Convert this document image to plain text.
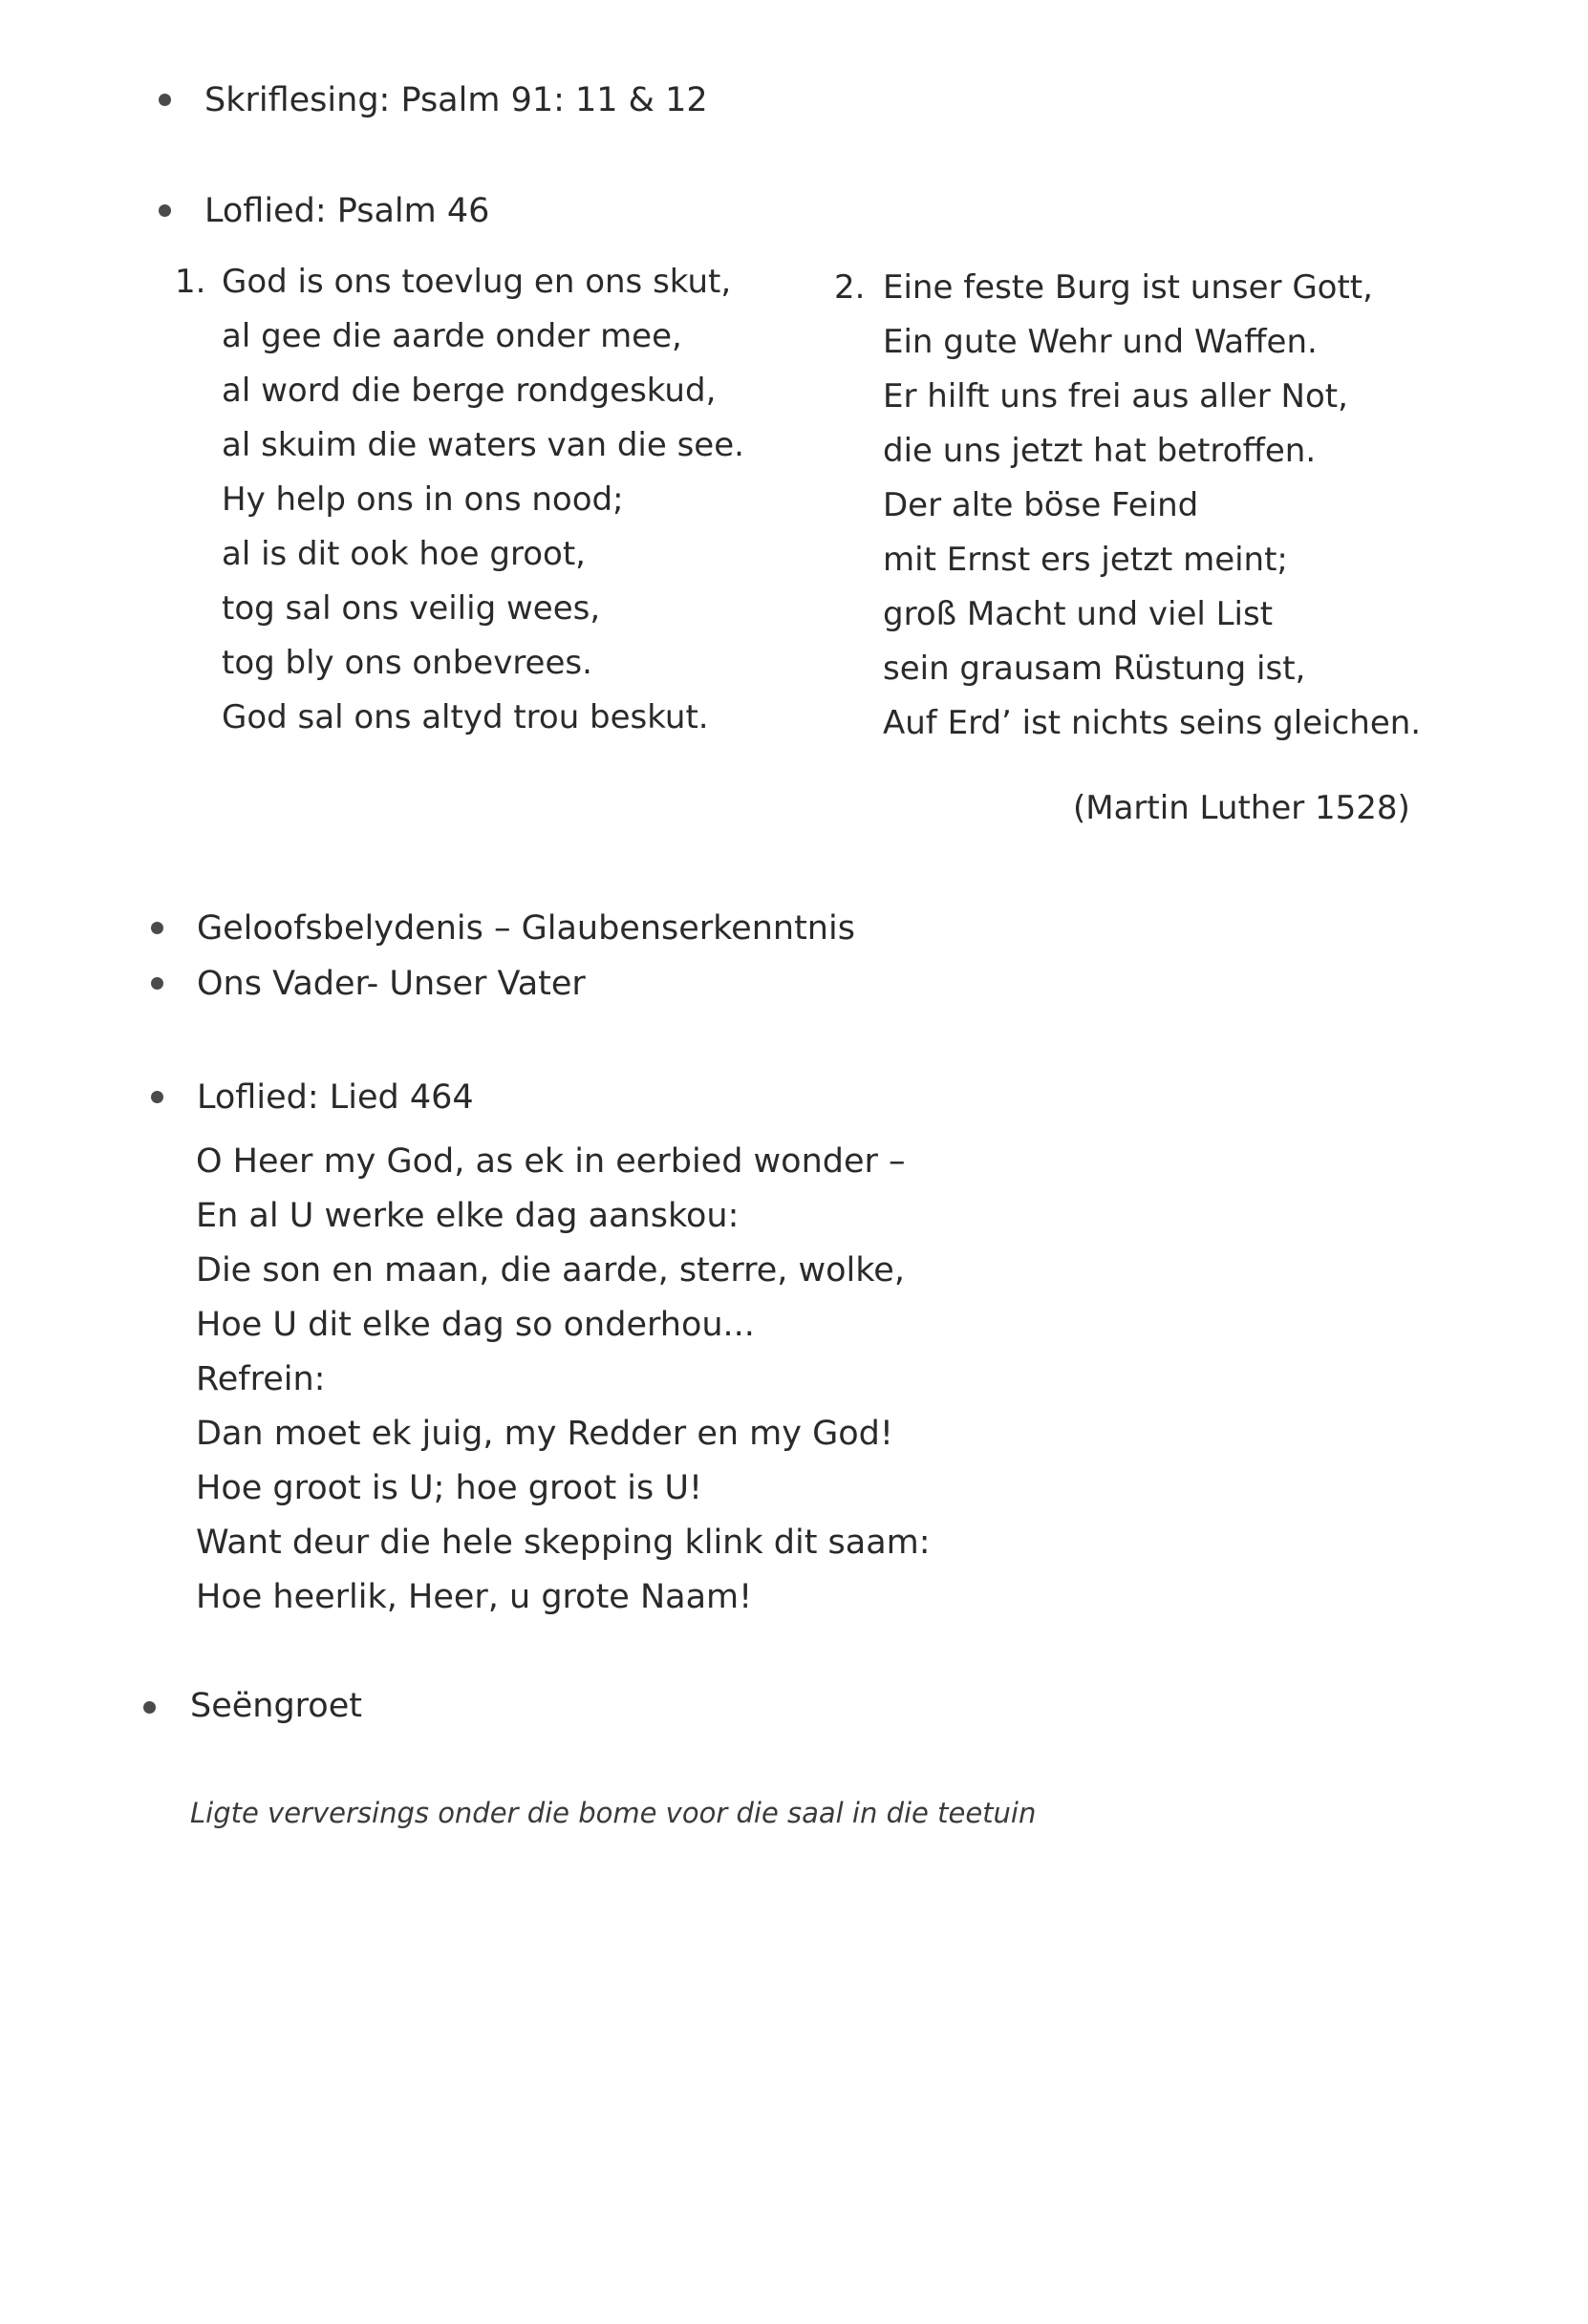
Skriflesing: Psalm 91: 11 & 12
Loflied: Psalm 46
1. God is ons toevlug en ons skut,
al gee die aarde onder mee,
al word die berge rondgeskud,
al skuim die waters van die see.
Hy help ons in ons nood;
al is dit ook hoe groot,
tog sal ons veilig wees,
tog bly ons onbevrees.
God sal ons altyd trou beskut.
2. Eine feste Burg ist unser Gott,
Ein gute Wehr und Waffen.
Er hilft uns frei aus aller Not,
die uns jetzt hat betroffen.
Der alte böse Feind
mit Ernst ers jetzt meint;
groß Macht und viel List
sein grausam Rüstung ist,
Auf Erd’ ist nichts seins gleichen.
(Martin Luther 1528)
Geloofsbelydenis – Glaubenserkenntnis
Ons Vader- Unser Vater
Loflied: Lied 464
O Heer my God, as ek in eerbied wonder –
En al U werke elke dag aanskou:
Die son en maan, die aarde, sterre, wolke,
Hoe U dit elke dag so onderhou...
Refrein:
Dan moet ek juig, my Redder en my God!
Hoe groot is U; hoe groot is U!
Want deur die hele skepping klink dit saam:
Hoe heerlik, Heer, u grote Naam!
Seëngroet
Ligte verversings onder die bome voor die saal in die teetuin
